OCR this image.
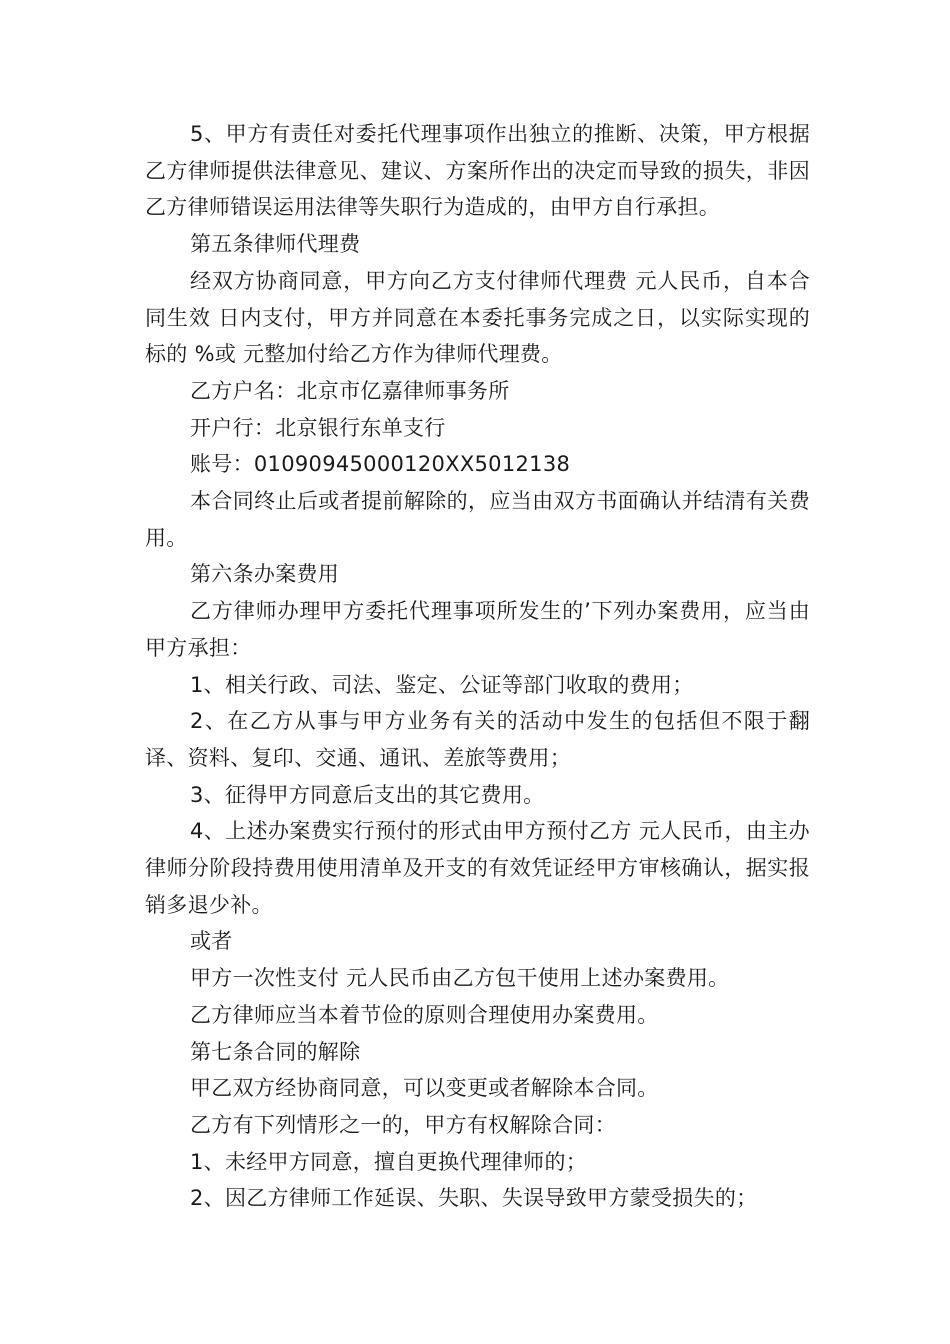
5、甲方有责任对委托代理事项作出独立的推断、决策，甲方根据乙方律师提供法律意见、建议、方案所作出的决定而导致的损失，非因乙方律师错误运用法律等失职行为造成的，由甲方自行承担。

第五条律师代理费

经双方协商同意，甲方向乙方支付律师代理费 元人民币，自本合同生效 日内支付，甲方并同意在本委托事务完成之日，以实际实现的标的 %或 元整加付给乙方作为律师代理费。

乙方户名：北京市亿嘉律师事务所

开户行：北京银行东单支行

账号：01090945000120XX5012138

本合同终止后或者提前解除的，应当由双方书面确认并结清有关费用。

第六条办案费用

乙方律师办理甲方委托代理事项所发生的’下列办案费用，应当由甲方承担：

1、相关行政、司法、鉴定、公证等部门收取的费用；

2、在乙方从事与甲方业务有关的活动中发生的包括但不限于翻译、资料、复印、交通、通讯、差旅等费用；

3、征得甲方同意后支出的其它费用。

4、上述办案费实行预付的形式由甲方预付乙方 元人民币，由主办律师分阶段持费用使用清单及开支的有效凭证经甲方审核确认，据实报销多退少补。

或者

甲方一次性支付 元人民币由乙方包干使用上述办案费用。

乙方律师应当本着节俭的原则合理使用办案费用。

第七条合同的解除

甲乙双方经协商同意，可以变更或者解除本合同。

乙方有下列情形之一的，甲方有权解除合同：

1、未经甲方同意，擅自更换代理律师的；

2、因乙方律师工作延误、失职、失误导致甲方蒙受损失的；
